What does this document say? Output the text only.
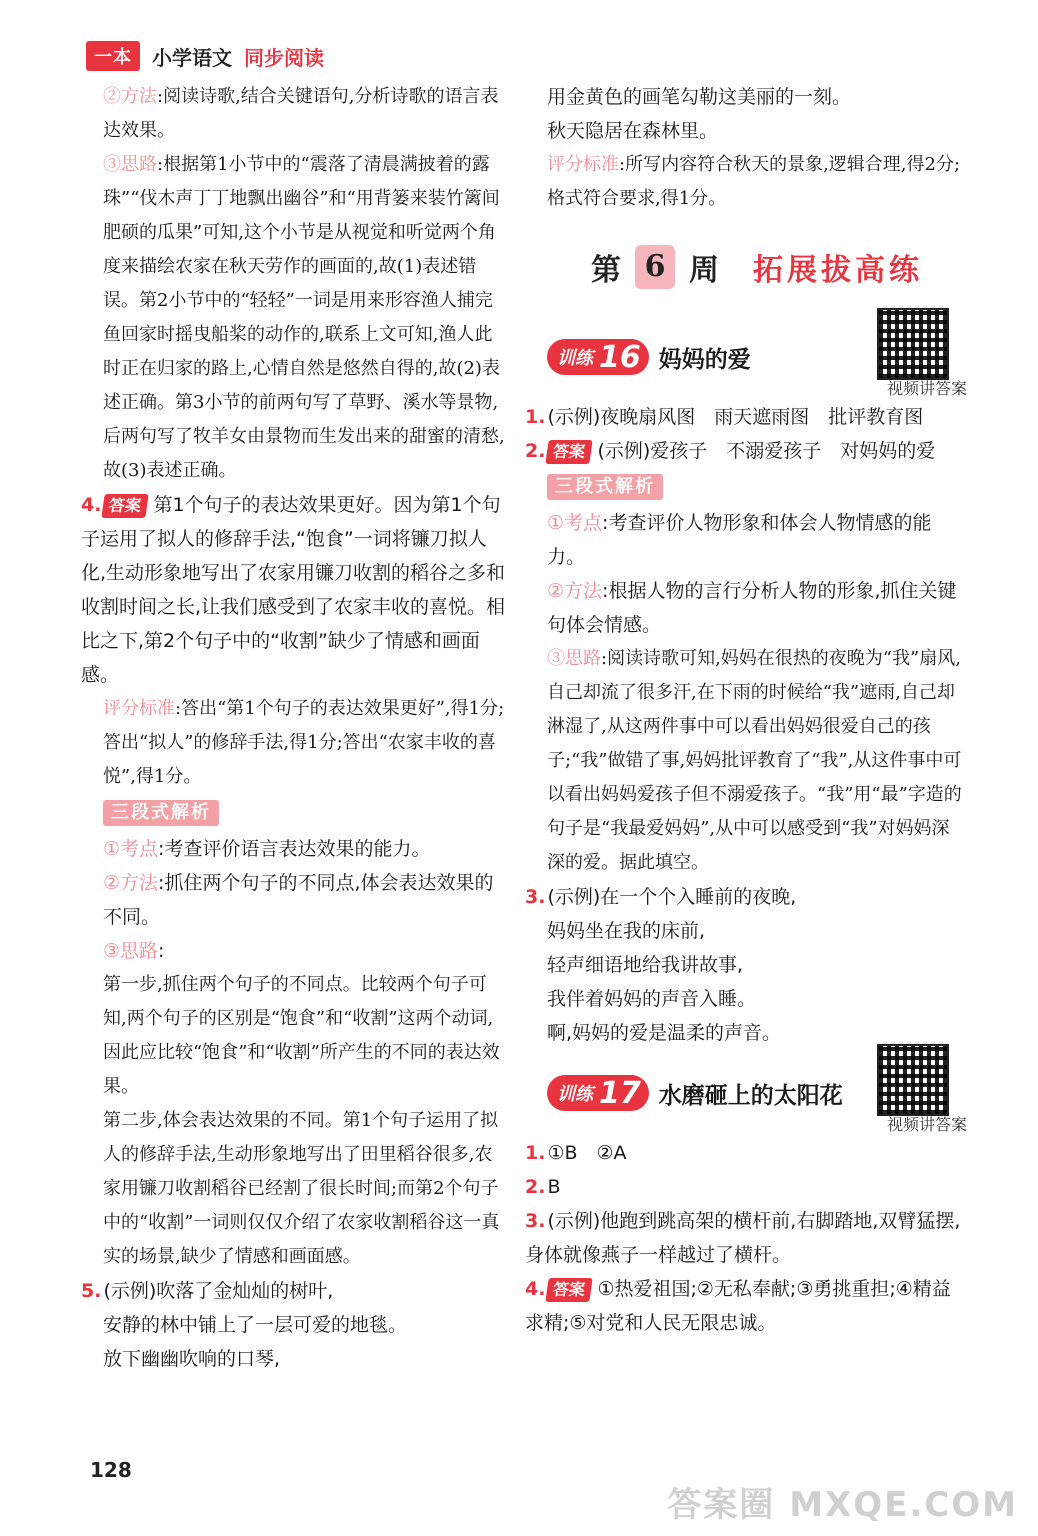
一本	小学语文 同步阅读

②方法:阅读诗歌,结合关键语句,分析诗歌的语言表达效果。

③思路:根据第1小节中的“震落了清晨满披着的露珠”“伐木声丁丁地飘出幽谷”和“用背篓来装竹篱间肥硕的瓜果”可知,这个小节是从视觉和听觉两个角度来描绘农家在秋天劳作的画面的,故(1)表述错误。第2小节中的“轻轻”一词是用来形容渔人捕完鱼回家时摇曳船桨的动作的,联系上文可知,渔人此时正在归家的路上,心情自然是悠然自得的,故(2)表述正确。第3小节的前两句写了草野、溪水等景物,后两句写了牧羊女由景物而生发出来的甜蜜的清愁,故(3)表述正确。

4. 答案 第1个句子的表达效果更好。因为第1个句子运用了拟人的修辞手法,“饱食”一词将镰刀拟人化,生动形象地写出了农家用镰刀收割的稻谷之多和收割时间之长,让我们感受到了农家丰收的喜悦。相比之下,第2个句子中的“收割”缺少了情感和画面感。

评分标准:答出“第1个句子的表达效果更好”,得1分;答出“拟人”的修辞手法,得1分;答出“农家丰收的喜悦”,得1分。

三段式解析

①考点:考查评价语言表达效果的能力。

②方法:抓住两个句子的不同点,体会表达效果的不同。

③思路:

第一步,抓住两个句子的不同点。比较两个句子可知,两个句子的区别是“饱食”和“收割”这两个动词,因此应比较“饱食”和“收割”所产生的不同的表达效果。

第二步,体会表达效果的不同。第1个句子运用了拟人的修辞手法,生动形象地写出了田里稻谷很多,农家用镰刀收割稻谷已经割了很长时间;而第2个句子中的“收割”一词则仅仅介绍了农家收割稻谷这一真实的场景,缺少了情感和画面感。

5. (示例)吹落了金灿灿的树叶,

安静的林中铺上了一层可爱的地毯。

放下幽幽吹响的口琴,

用金黄色的画笔勾勒这美丽的一刻。

秋天隐居在森林里。

评分标准:所写内容符合秋天的景象,逻辑合理,得2分;格式符合要求,得1分。

第 6 周 拓展拔高练
训练 16 妈妈的爱
视频讲答案

1. (示例)夜晚扇风图　雨天遮雨图　批评教育图

2. 答案 (示例)爱孩子　不溺爱孩子　对妈妈的爱

三段式解析

①考点:考查评价人物形象和体会人物情感的能力。

②方法:根据人物的言行分析人物的形象,抓住关键句体会情感。

③思路:阅读诗歌可知,妈妈在很热的夜晚为“我”扇风,自己却流了很多汗,在下雨的时候给“我”遮雨,自己却淋湿了,从这两件事中可以看出妈妈很爱自己的孩子;“我”做错了事,妈妈批评教育了“我”,从这件事中可以看出妈妈爱孩子但不溺爱孩子。“我”用“最”字造的句子是“我最爱妈妈”,从中可以感受到“我”对妈妈深深的爱。据此填空。

3. (示例)在一个个入睡前的夜晚,

妈妈坐在我的床前,

轻声细语地给我讲故事,

我伴着妈妈的声音入睡。

啊,妈妈的爱是温柔的声音。

训练 17 水磨砸上的太阳花
视频讲答案

1. ①B　②A

2. B

3. (示例)他跑到跳高架的横杆前,右脚踏地,双臂猛摆,身体就像燕子一样越过了横杆。

4. 答案 ①热爱祖国;②无私奉献;③勇挑重担;④精益求精;⑤对党和人民无限忠诚。

128
答案圈 MXQE.COM
